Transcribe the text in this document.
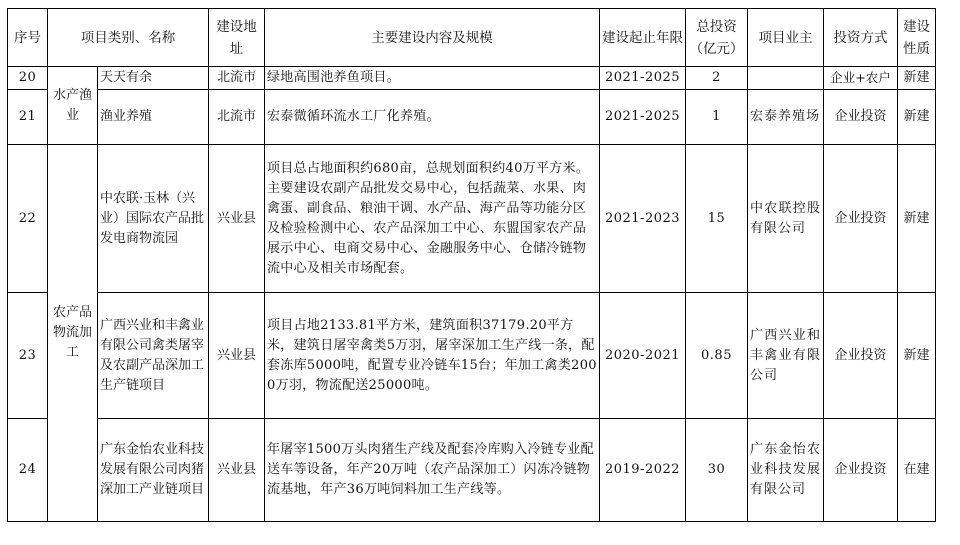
序号	项目类别、名称		建设地址	主要建设内容及规模	建设起止年限	总投资（亿元）	项目业主	投资方式	建设性质
20	水产渔业	天天有余	北流市	绿地高围池养鱼项目。	2021-2025	2		企业+农户	新建
21		渔业养殖	北流市	宏泰微循环流水工厂化养殖。	2021-2025	1	宏泰养殖场	企业投资	新建
22	农产品物流加工	中农联·玉林（兴业）国际农产品批发电商物流园	兴业县	项目总占地面积约680亩，总规划面积约40万平方米。主要建设农副产品批发交易中心，包括蔬菜、水果、肉禽蛋、副食品、粮油干调、水产品、海产品等功能分区及检验检测中心、农产品深加工中心、东盟国家农产品展示中心、电商交易中心、金融服务中心、仓储冷链物流中心及相关市场配套。	2021-2023	15	中农联控股有限公司	企业投资	新建
23		广西兴业和丰禽业有限公司禽类屠宰及农副产品深加工生产链项目	兴业县	项目占地2133.81平方米，建筑面积37179.20平方米，建筑日屠宰禽类5万羽，屠宰深加工生产线一条，配套冻库5000吨，配置专业冷链车15台；年加工禽类2000万羽，物流配送25000吨。	2020-2021	0.85	广西兴业和丰禽业有限公司	企业投资	新建
24		广东金怡农业科技发展有限公司肉猪深加工产业链项目	兴业县	年屠宰1500万头肉猪生产线及配套冷库购入冷链专业配送车等设备，年产20万吨（农产品深加工）闪冻冷链物流基地，年产36万吨饲料加工生产线等。	2019-2022	30	广东金怡农业科技发展有限公司	企业投资	在建
